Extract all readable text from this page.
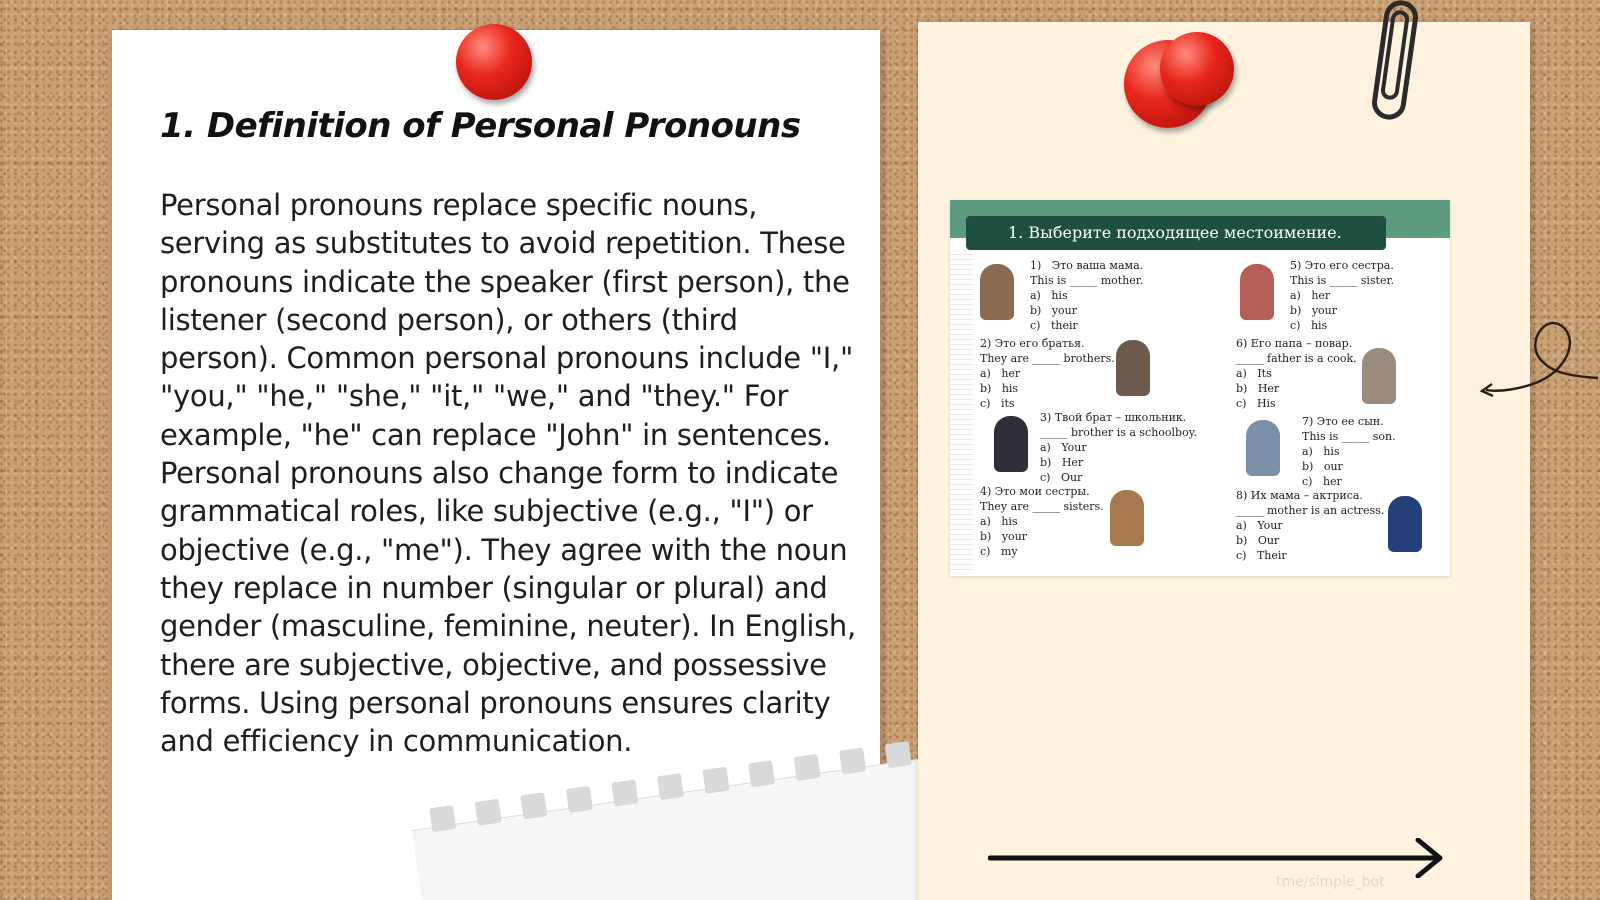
1. Definition of Personal Pronouns
Personal pronouns replace specific nouns, serving as substitutes to avoid repetition. These pronouns indicate the speaker (first person), the listener (second person), or others (third person). Common personal pronouns include "I," "you," "he," "she," "it," "we," and "they." For example, "he" can replace "John" in sentences. Personal pronouns also change form to indicate grammatical roles, like subjective (e.g., "I") or objective (e.g., "me"). They agree with the noun they replace in number (singular or plural) and gender (masculine, feminine, neuter). In English, there are subjective, objective, and possessive forms. Using personal pronouns ensures clarity and efficiency in communication.
1. Выберите подходящее местоимение.
1)   Это ваша мама.
This is _____ mother.
a)   his
b)   your
c)   their
5) Это его сестра.
This is _____ sister.
a)   her
b)   your
c)   his
2) Это его братья.
They are _____ brothers.
a)   her
b)   his
c)   its
6) Его папа – повар.
_____ father is a cook.
a)   Its
b)   Her
c)   His
3) Твой брат – школьник.
_____ brother is a schoolboy.
a)   Your
b)   Her
c)   Our
7) Это ее сын.
This is _____ son.
a)   his
b)   our
c)   her
4) Это мои сестры.
They are _____ sisters.
a)   his
b)   your
c)   my
8) Их мама – актриса.
_____ mother is an actress.
a)   Your
b)   Our
c)   Their
tme/simple_bot
